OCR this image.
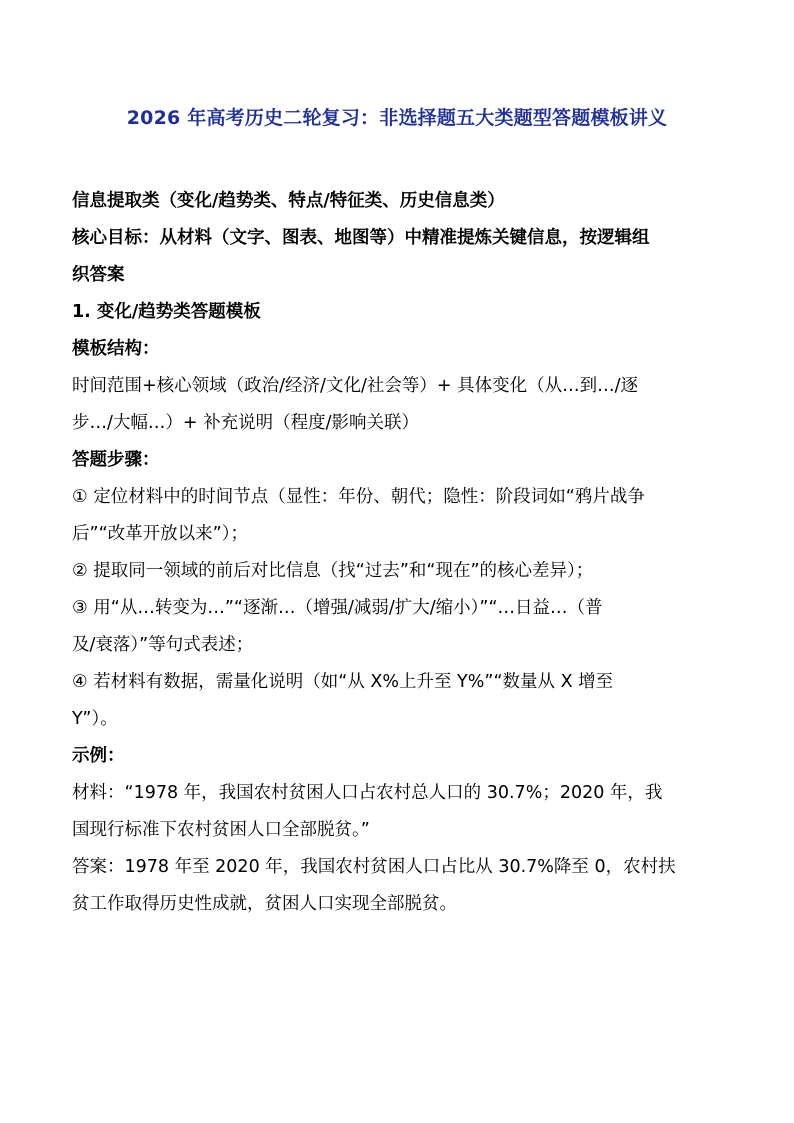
2026 年高考历史二轮复习：非选择题五大类题型答题模板讲义
信息提取类（变化/趋势类、特点/特征类、历史信息类）
核心目标：从材料（文字、图表、地图等）中精准提炼关键信息，按逻辑组
织答案
1. 变化/趋势类答题模板
模板结构：
时间范围+核心领域（政治/经济/文化/社会等）+ 具体变化（从…到…/逐
步…/大幅…）+ 补充说明（程度/影响关联）
答题步骤：
① 定位材料中的时间节点（显性：年份、朝代；隐性：阶段词如“鸦片战争
后”“改革开放以来”）；
② 提取同一领域的前后对比信息（找“过去”和“现在”的核心差异）；
③ 用“从…转变为…”“逐渐…（增强/减弱/扩大/缩小）”“…日益…（普
及/衰落）”等句式表述；
④ 若材料有数据，需量化说明（如“从 X%上升至 Y%”“数量从 X 增至
Y”）。
示例：
材料：“1978 年，我国农村贫困人口占农村总人口的 30.7%；2020 年，我
国现行标准下农村贫困人口全部脱贫。”
答案：1978 年至 2020 年，我国农村贫困人口占比从 30.7%降至 0，农村扶
贫工作取得历史性成就，贫困人口实现全部脱贫。
